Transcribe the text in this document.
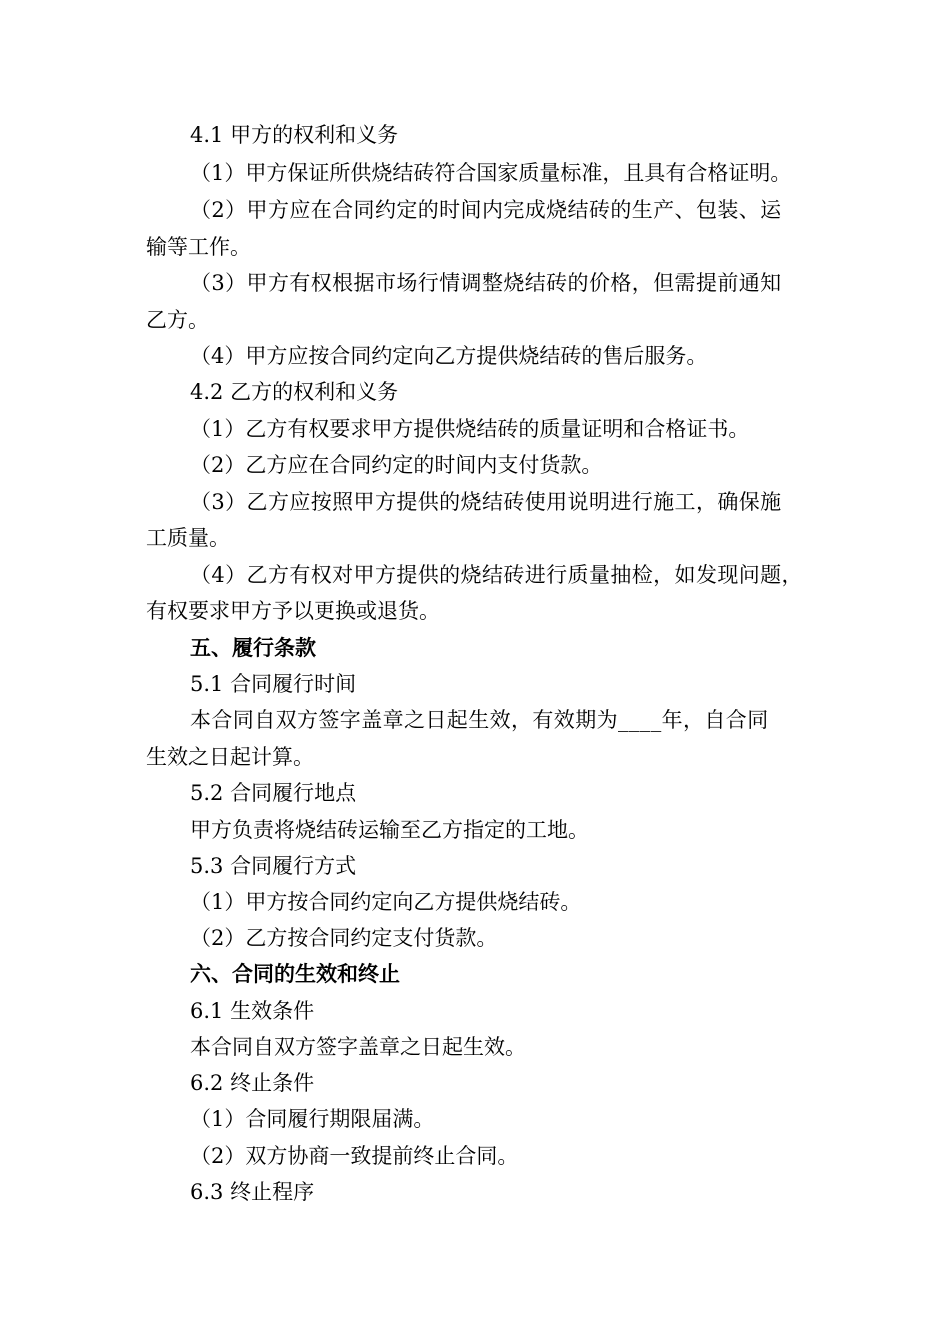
4.1 甲方的权利和义务
（1）甲方保证所供烧结砖符合国家质量标准，且具有合格证明。
（2）甲方应在合同约定的时间内完成烧结砖的生产、包装、运
输等工作。
（3）甲方有权根据市场行情调整烧结砖的价格，但需提前通知
乙方。
（4）甲方应按合同约定向乙方提供烧结砖的售后服务。
4.2 乙方的权利和义务
（1）乙方有权要求甲方提供烧结砖的质量证明和合格证书。
（2）乙方应在合同约定的时间内支付货款。
（3）乙方应按照甲方提供的烧结砖使用说明进行施工，确保施
工质量。
（4）乙方有权对甲方提供的烧结砖进行质量抽检，如发现问题，
有权要求甲方予以更换或退货。
五、履行条款
5.1 合同履行时间
本合同自双方签字盖章之日起生效，有效期为____年，自合同
生效之日起计算。
5.2 合同履行地点
甲方负责将烧结砖运输至乙方指定的工地。
5.3 合同履行方式
（1）甲方按合同约定向乙方提供烧结砖。
（2）乙方按合同约定支付货款。
六、合同的生效和终止
6.1 生效条件
本合同自双方签字盖章之日起生效。
6.2 终止条件
（1）合同履行期限届满。
（2）双方协商一致提前终止合同。
6.3 终止程序
